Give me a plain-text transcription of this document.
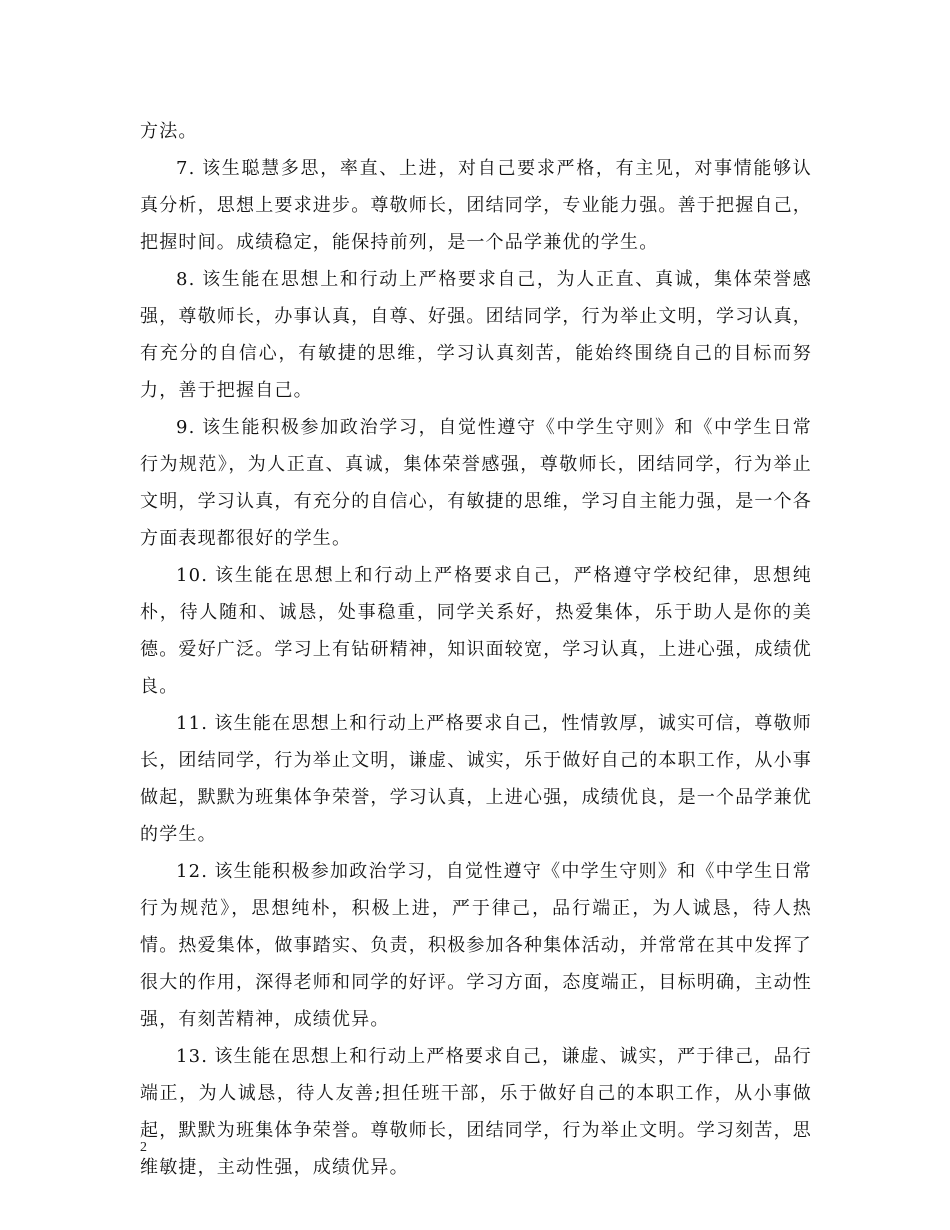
方法。

7. 该生聪慧多思，率直、上进，对自己要求严格，有主见，对事情能够认真分析，思想上要求进步。尊敬师长，团结同学，专业能力强。善于把握自己，把握时间。成绩稳定，能保持前列，是一个品学兼优的学生。

8. 该生能在思想上和行动上严格要求自己，为人正直、真诚，集体荣誉感强，尊敬师长，办事认真，自尊、好强。团结同学，行为举止文明，学习认真，有充分的自信心，有敏捷的思维，学习认真刻苦，能始终围绕自己的目标而努力，善于把握自己。

9. 该生能积极参加政治学习，自觉性遵守《中学生守则》和《中学生日常行为规范》，为人正直、真诚，集体荣誉感强，尊敬师长，团结同学，行为举止文明，学习认真，有充分的自信心，有敏捷的思维，学习自主能力强，是一个各方面表现都很好的学生。

10. 该生能在思想上和行动上严格要求自己，严格遵守学校纪律，思想纯朴，待人随和、诚恳，处事稳重，同学关系好，热爱集体，乐于助人是你的美德。爱好广泛。学习上有钻研精神，知识面较宽，学习认真，上进心强，成绩优良。

11. 该生能在思想上和行动上严格要求自己，性情敦厚，诚实可信，尊敬师长，团结同学，行为举止文明，谦虚、诚实，乐于做好自己的本职工作，从小事做起，默默为班集体争荣誉，学习认真，上进心强，成绩优良，是一个品学兼优的学生。

12. 该生能积极参加政治学习，自觉性遵守《中学生守则》和《中学生日常行为规范》，思想纯朴，积极上进，严于律己，品行端正，为人诚恳，待人热情。热爱集体，做事踏实、负责，积极参加各种集体活动，并常常在其中发挥了很大的作用，深得老师和同学的好评。学习方面，态度端正，目标明确，主动性强，有刻苦精神，成绩优异。

13. 该生能在思想上和行动上严格要求自己，谦虚、诚实，严于律己，品行端正，为人诚恳，待人友善;担任班干部，乐于做好自己的本职工作，从小事做起，默默为班集体争荣誉。尊敬师长，团结同学，行为举止文明。学习刻苦，思维敏捷，主动性强，成绩优异。

2
